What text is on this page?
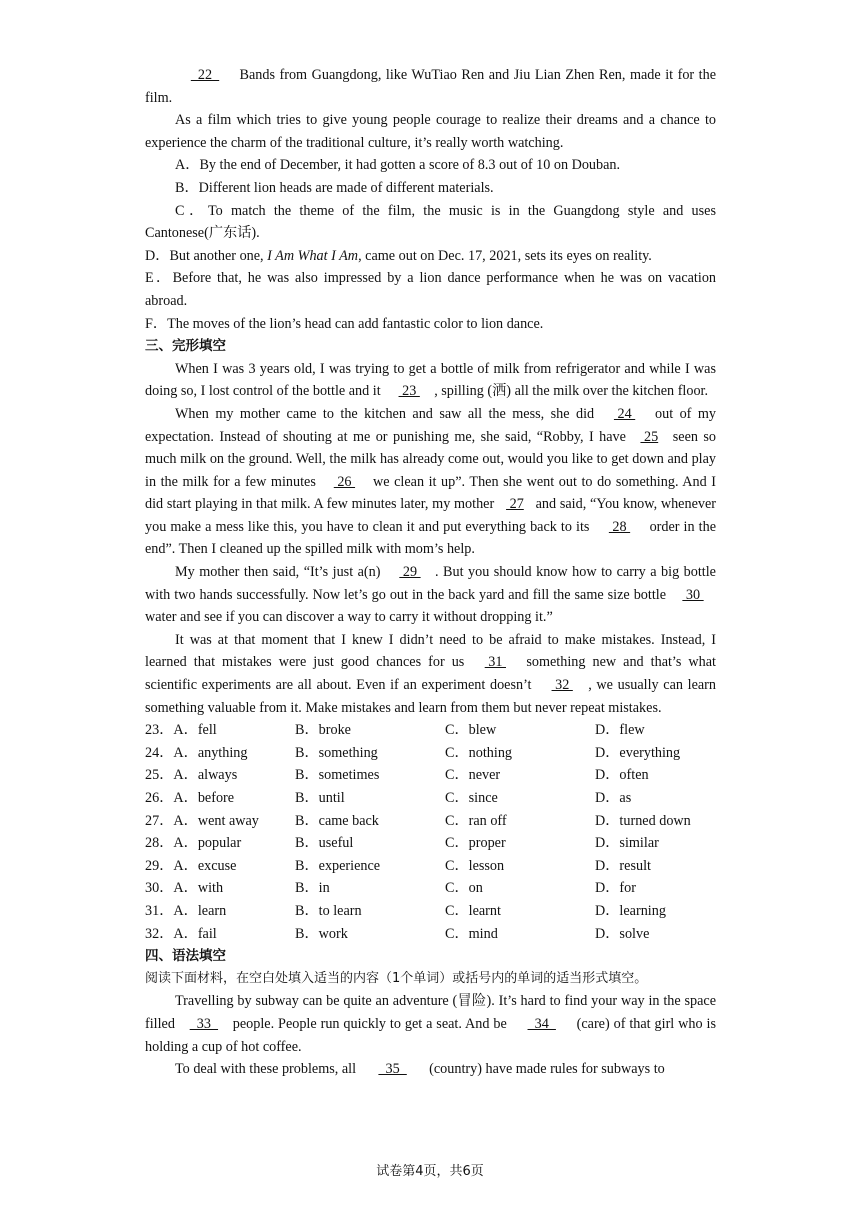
22   Bands from Guangdong, like WuTiao Ren and Jiu Lian Zhen Ren, made it for the film.

As a film which tries to give young people courage to realize their dreams and a chance to experience the charm of the traditional culture, it’s really worth watching.

A．By the end of December, it had gotten a score of 8.3 out of 10 on Douban.

B．Different lion heads are made of different materials.

C．To match the theme of the film, the music is in the Guangdong style and uses Cantonese(广东话).

D．But another one, I Am What I Am, came out on Dec. 17, 2021, sets its eyes on reality.

E．Before that, he was also impressed by a lion dance performance when he was on vacation abroad.

F．The moves of the lion’s head can add fantastic color to lion dance.

三、完形填空

When I was 3 years old, I was trying to get a bottle of milk from refrigerator and while I was doing so, I lost control of the bottle and it  23 , spilling (洒) all the milk over the kitchen floor.

When my mother came to the kitchen and saw all the mess, she did  24  out of my expectation. Instead of shouting at me or punishing me, she said, “Robby, I have  25 seen so much milk on the ground. Well, the milk has already come out, would you like to get down and play in the milk for a few minutes  26  we clean it up”. Then she went out to do something. And I did start playing in that milk. A few minutes later, my mother  27 and said, “You know, whenever you make a mess like this, you have to clean it and put everything back to its  28  order in the end”. Then I cleaned up the spilled milk with mom’s help.

My mother then said, “It’s just a(n)  29 . But you should know how to carry a big bottle with two hands successfully. Now let’s go out in the back yard and fill the same size bottle  30  water and see if you can discover a way to carry it without dropping it.”

It was at that moment that I knew I didn’t need to be afraid to make mistakes. Instead, I learned that mistakes were just good chances for us  31  something new and that’s what scientific experiments are all about. Even if an experiment doesn’t  32 , we usually can learn something valuable from it. Make mistakes and learn from them but never repeat mistakes.

23．A．fell	B．broke	C．blew	D．flew
24．A．anything	B．something	C．nothing	D．everything
25．A．always	B．sometimes	C．never	D．often
26．A．before	B．until	C．since	D．as
27．A．went away	B．came back	C．ran off	D．turned down
28．A．popular	B．useful	C．proper	D．similar
29．A．excuse	B．experience	C．lesson	D．result
30．A．with	B．in	C．on	D．for
31．A．learn	B．to learn	C．learnt	D．learning
32．A．fail	B．work	C．mind	D．solve

四、语法填空

阅读下面材料，在空白处填入适当的内容（1个单词）或括号内的单词的适当形式填空。

Travelling by subway can be quite an adventure (冒险). It’s hard to find your way in the space filled   33   people. People run quickly to get a seat. And be   34   (care) of that girl who is holding a cup of hot coffee.

To deal with these problems, all   35   (country) have made rules for subways to

试卷第4页，共6页
